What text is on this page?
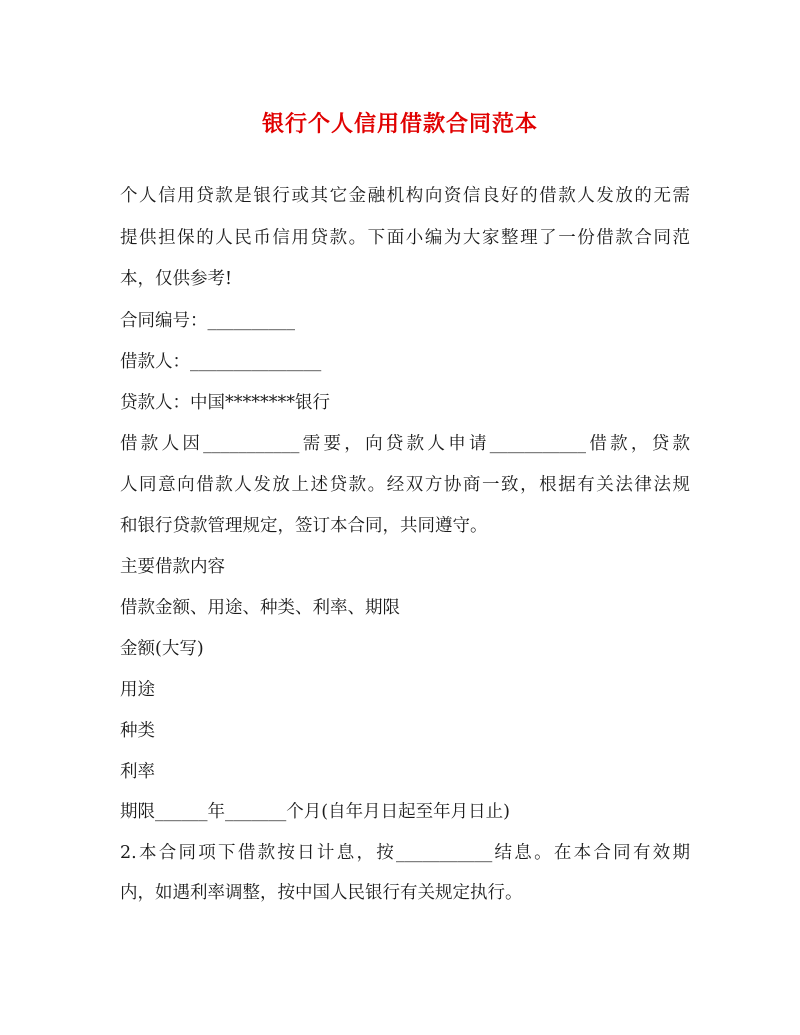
银行个人信用借款合同范本
个人信用贷款是银行或其它金融机构向资信良好的借款人发放的无需
提供担保的人民币信用贷款。下面小编为大家整理了一份借款合同范
本，仅供参考!
合同编号：__________
借款人：_______________
贷款人：中国********银行
借款人因___________需要，向贷款人申请___________借款，贷款
人同意向借款人发放上述贷款。经双方协商一致，根据有关法律法规
和银行贷款管理规定，签订本合同，共同遵守。
主要借款内容
借款金额、用途、种类、利率、期限
金额(大写)
用途
种类
利率
期限______年_______个月(自年月日起至年月日止)
2.本合同项下借款按日计息，按___________结息。在本合同有效期
内，如遇利率调整，按中国人民银行有关规定执行。
